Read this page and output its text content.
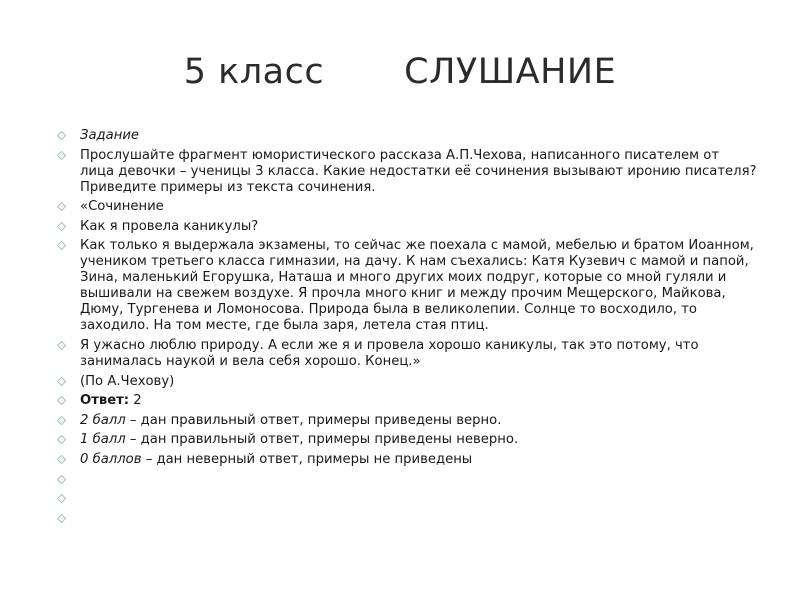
5 класс СЛУШАНИЕ
Задание
Прослушайте фрагмент юмористического рассказа А.П.Чехова, написанного писателем от лица девочки – ученицы 3 класса. Какие недостатки её сочинения вызывают иронию писателя? Приведите примеры из текста сочинения.
«Сочинение
Как я провела каникулы?
Как только я выдержала экзамены, то сейчас же поехала с мамой, мебелью и братом Иоанном, учеником третьего класса гимназии, на дачу. К нам съехались: Катя Кузевич с мамой и папой, Зина, маленький Егорушка, Наташа и много других моих подруг, которые со мной гуляли и вышивали на свежем воздухе. Я прочла много книг и между прочим Мещерского, Майкова, Дюму, Тургенева и Ломоносова. Природа была в великолепии. Солнце то восходило, то заходило. На том месте, где была заря, летела стая птиц.
Я ужасно люблю природу. А если же я и провела хорошо каникулы, так это потому, что занималась наукой и вела себя хорошо. Конец.»
(По А.Чехову)
Ответ: 2
2 балл – дан правильный ответ, примеры приведены верно.
1 балл – дан правильный ответ, примеры приведены неверно.
0 баллов – дан неверный ответ, примеры не приведены
